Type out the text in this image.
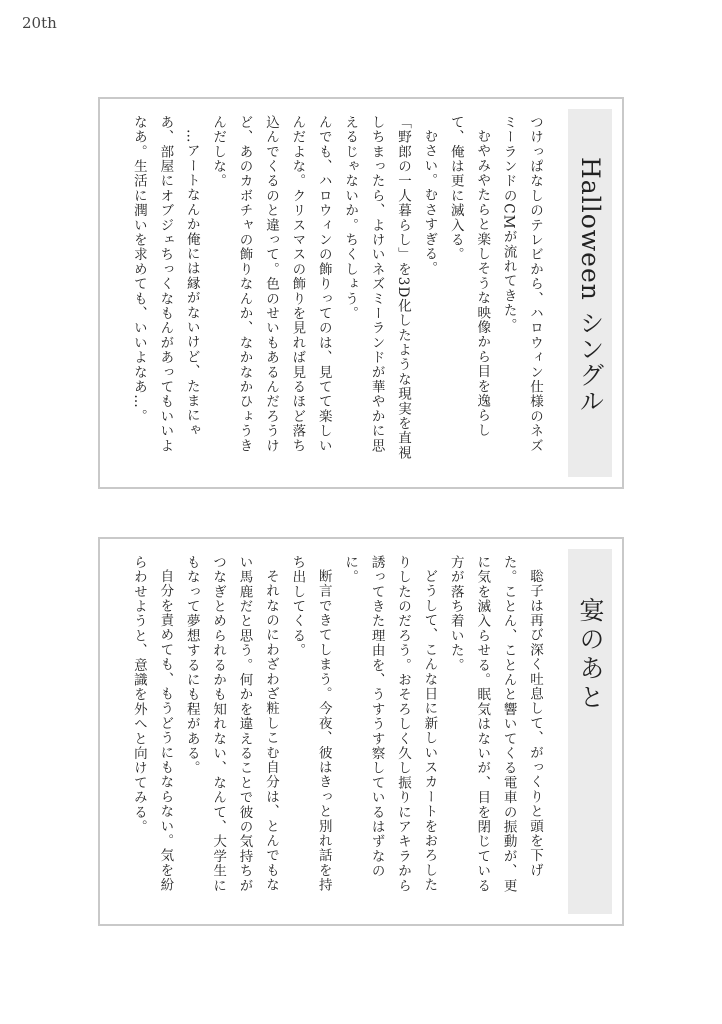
20th
Halloween シングル

つけっぱなしのテレビから、ハロウィン仕様のネズミーランドのCMが流れてきた。

むやみやたらと楽しそうな映像から目を逸らして、俺は更に滅入る。

むさい。むさすぎる。

「野郎の一人暮らし」を3D化したような現実を直視しちまったら、よけいネズミーランドが華やかに思えるじゃないか。ちくしょう。

んでも、ハロウィンの飾りってのは、見てて楽しいんだよな。クリスマスの飾りを見れば見るほど落ち込んでくるのと違って。色のせいもあるんだろうけど、あのカボチャの飾りなんか、なかなかひょうきんだしな。

…アートなんか俺には縁がないけど、たまにゃあ、部屋にオブジェちっくなもんがあってもいいよなあ。生活に潤いを求めても、いいよなあ…。

宴のあと

聡子は再び深く吐息して、がっくりと頭を下げた。ことん、ことんと響いてくる電車の振動が、更に気を滅入らせる。眠気はないが、目を閉じている方が落ち着いた。

どうして、こんな日に新しいスカートをおろしたりしたのだろう。おそろしく久し振りにアキラから誘ってきた理由を、うすうす察しているはずなのに。

断言できてしまう。今夜、彼はきっと別れ話を持ち出してくる。

それなのにわざわざ粧しこむ自分は、とんでもない馬鹿だと思う。何かを違えることで彼の気持ちがつなぎとめられるかも知れない、なんて、大学生にもなって夢想するにも程がある。

自分を責めても、もうどうにもならない。気を紛らわせようと、意識を外へと向けてみる。
